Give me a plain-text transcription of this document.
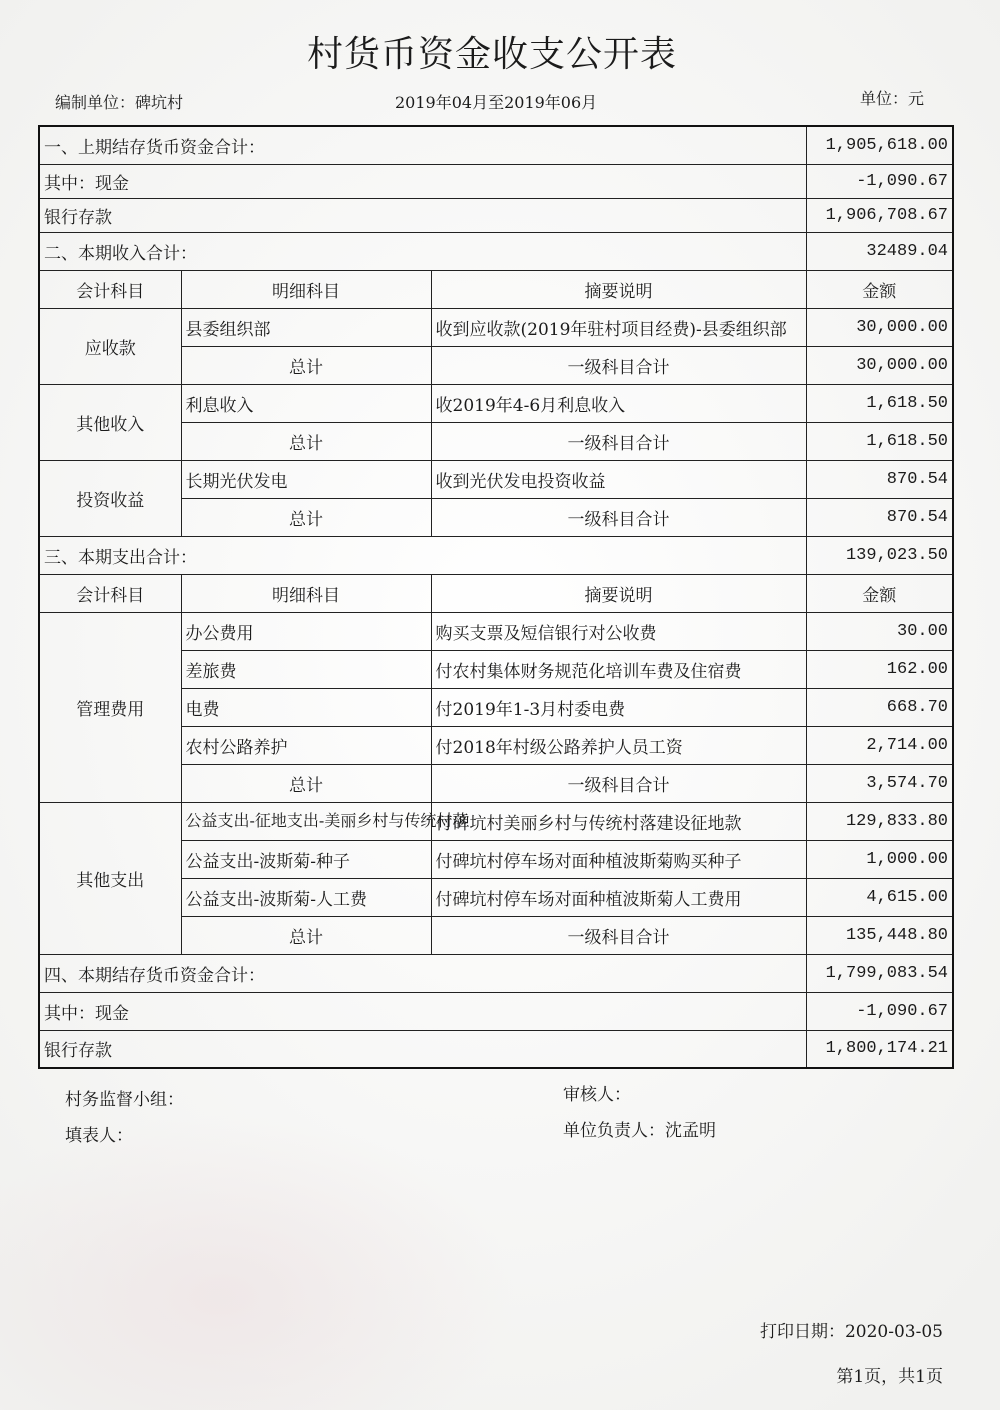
村货币资金收支公开表
编制单位：碑坑村	2019年04月至2019年06月	单位：元
一、上期结存货币资金合计：			1,905,618.00
其中：现金			-1,090.67
银行存款			1,906,708.67
二、本期收入合计：			32489.04
会计科目	明细科目	摘要说明	金额
应收款	县委组织部	收到应收款(2019年驻村项目经费)-县委组织部	30,000.00
	总计	一级科目合计	30,000.00
其他收入	利息收入	收2019年4-6月利息收入	1,618.50
	总计	一级科目合计	1,618.50
投资收益	长期光伏发电	收到光伏发电投资收益	870.54
	总计	一级科目合计	870.54
三、本期支出合计：			139,023.50
会计科目	明细科目	摘要说明	金额
管理费用	办公费用	购买支票及短信银行对公收费	30.00
	差旅费	付农村集体财务规范化培训车费及住宿费	162.00
	电费	付2019年1-3月村委电费	668.70
	农村公路养护	付2018年村级公路养护人员工资	2,714.00
	总计	一级科目合计	3,574.70
其他支出	公益支出-征地支出-美丽乡村与传统村落	付碑坑村美丽乡村与传统村落建设征地款	129,833.80
	公益支出-波斯菊-种子	付碑坑村停车场对面种植波斯菊购买种子	1,000.00
	公益支出-波斯菊-人工费	付碑坑村停车场对面种植波斯菊人工费用	4,615.00
	总计	一级科目合计	135,448.80
四、本期结存货币资金合计：			1,799,083.54
其中：现金			-1,090.67
银行存款			1,800,174.21
村务监督小组：	审核人：
填表人：	单位负责人：沈孟明
打印日期：2020-03-05
第1页，共1页
